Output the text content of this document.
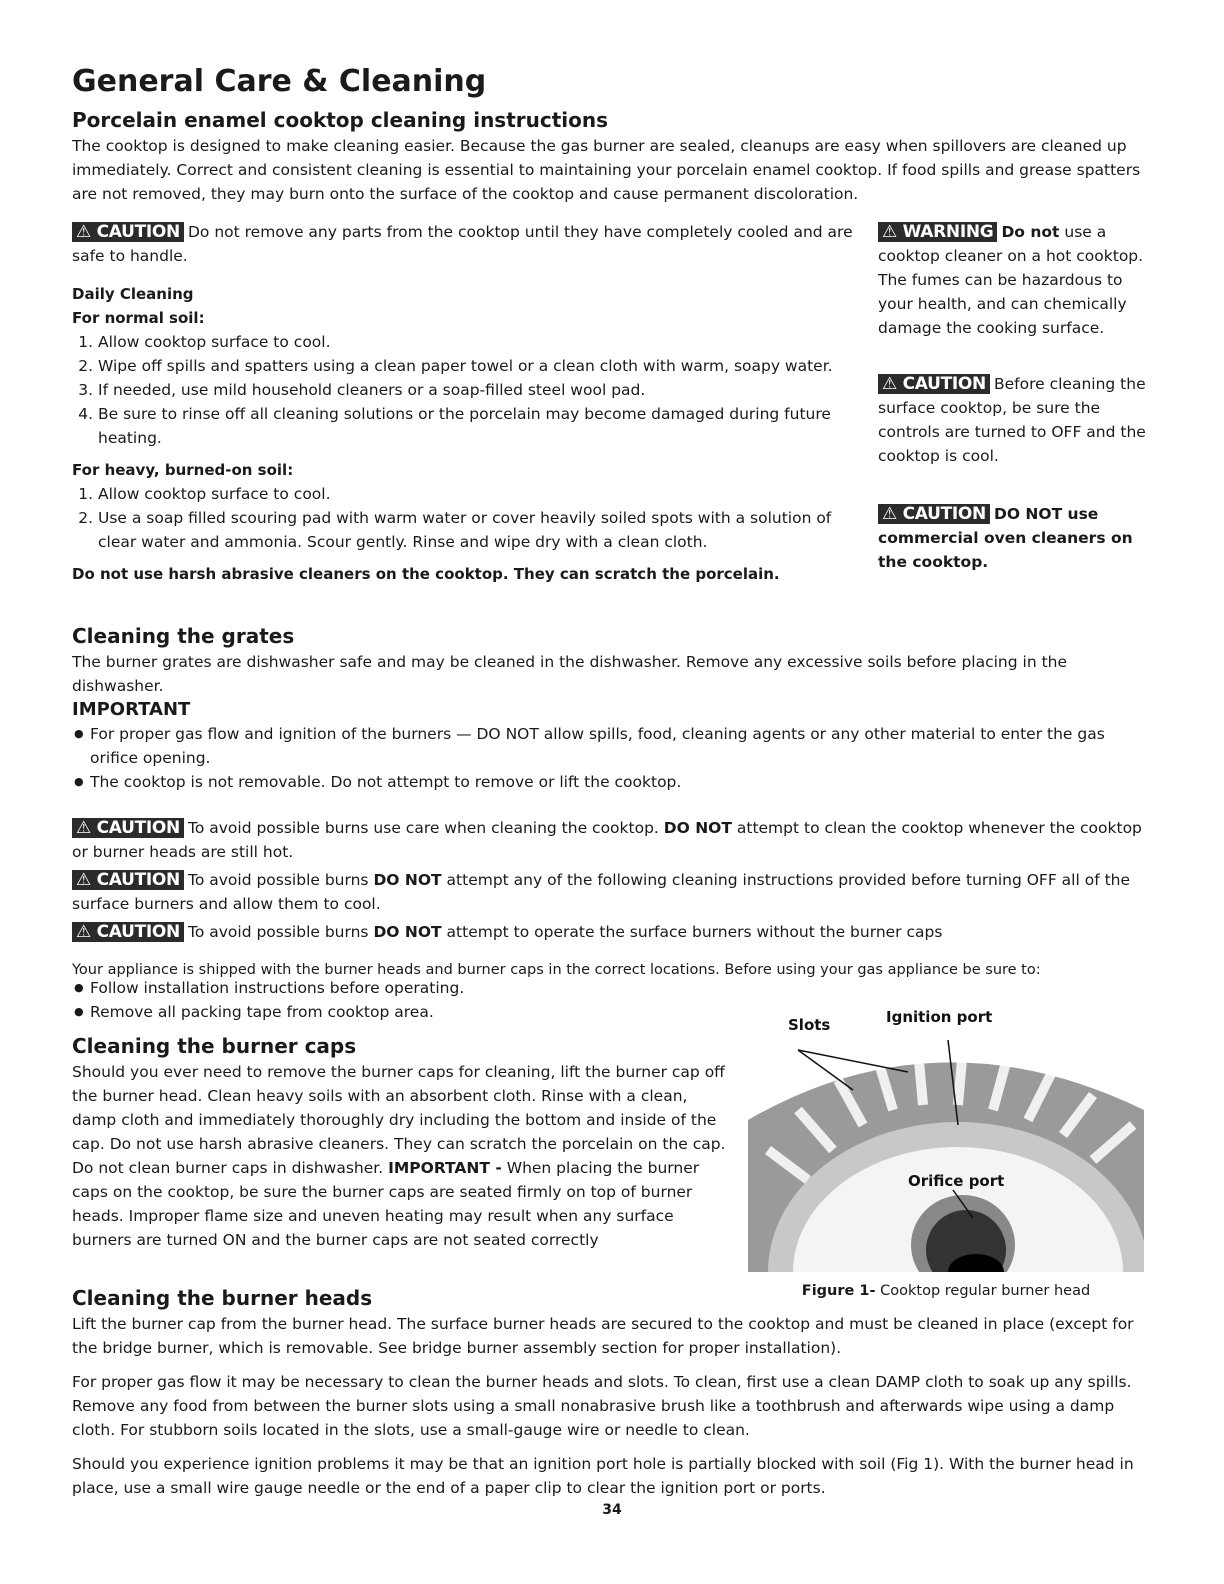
General Care & Cleaning
Porcelain enamel cooktop cleaning instructions

The cooktop is designed to make cleaning easier. Because the gas burner are sealed, cleanups are easy when spillovers are cleaned up immediately. Correct and consistent cleaning is essential to maintaining your porcelain enamel cooktop. If food spills and grease spatters are not removed, they may burn onto the surface of the cooktop and cause permanent discoloration.

⚠ CAUTION Do not remove any parts from the cooktop until they have completely cooled and are safe to handle.

Daily Cleaning
For normal soil:
1. Allow cooktop surface to cool.
2. Wipe off spills and spatters using a clean paper towel or a clean cloth with warm, soapy water.
3. If needed, use mild household cleaners or a soap-filled steel wool pad.
4. Be sure to rinse off all cleaning solutions or the porcelain may become damaged during future heating.
For heavy, burned-on soil:
1. Allow cooktop surface to cool.
2. Use a soap filled scouring pad with warm water or cover heavily soiled spots with a solution of clear water and ammonia. Scour gently. Rinse and wipe dry with a clean cloth.

Do not use harsh abrasive cleaners on the cooktop. They can scratch the porcelain.

⚠ WARNING Do not use a cooktop cleaner on a hot cooktop. The fumes can be hazardous to your health, and can chemically damage the cooking surface.

⚠ CAUTION Before cleaning the surface cooktop, be sure the controls are turned to OFF and the cooktop is cool.

⚠ CAUTION DO NOT use commercial oven cleaners on the cooktop.

Cleaning the grates

The burner grates are dishwasher safe and may be cleaned in the dishwasher. Remove any excessive soils before placing in the dishwasher.

IMPORTANT
● For proper gas flow and ignition of the burners — DO NOT allow spills, food, cleaning agents or any other material to enter the gas orifice opening.
● The cooktop is not removable. Do not attempt to remove or lift the cooktop.

⚠ CAUTION To avoid possible burns use care when cleaning the cooktop. DO NOT attempt to clean the cooktop whenever the cooktop or burner heads are still hot.

⚠ CAUTION To avoid possible burns DO NOT attempt any of the following cleaning instructions provided before turning OFF all of the surface burners and allow them to cool.

⚠ CAUTION To avoid possible burns DO NOT attempt to operate the surface burners without the burner caps

Your appliance is shipped with the burner heads and burner caps in the correct locations. Before using your gas appliance be sure to:

● Follow installation instructions before operating.
● Remove all packing tape from cooktop area.
Cleaning the burner caps

Should you ever need to remove the burner caps for cleaning, lift the burner cap off the burner head. Clean heavy soils with an absorbent cloth. Rinse with a clean, damp cloth and immediately thoroughly dry including the bottom and inside of the cap. Do not use harsh abrasive cleaners. They can scratch the porcelain on the cap. Do not clean burner caps in dishwasher. IMPORTANT - When placing the burner caps on the cooktop, be sure the burner caps are seated firmly on top of burner heads. Improper flame size and uneven heating may result when any surface burners are turned ON and the burner caps are not seated correctly

Slots	Ignition port
Orifice port
Figure 1- Cooktop regular burner head
Cleaning the burner heads

Lift the burner cap from the burner head. The surface burner heads are secured to the cooktop and must be cleaned in place (except for the bridge burner, which is removable. See bridge burner assembly section for proper installation).

For proper gas flow it may be necessary to clean the burner heads and slots. To clean, first use a clean DAMP cloth to soak up any spills. Remove any food from between the burner slots using a small nonabrasive brush like a toothbrush and afterwards wipe using a damp cloth. For stubborn soils located in the slots, use a small-gauge wire or needle to clean.

Should you experience ignition problems it may be that an ignition port hole is partially blocked with soil (Fig 1). With the burner head in place, use a small wire gauge needle or the end of a paper clip to clear the ignition port or ports.

34
